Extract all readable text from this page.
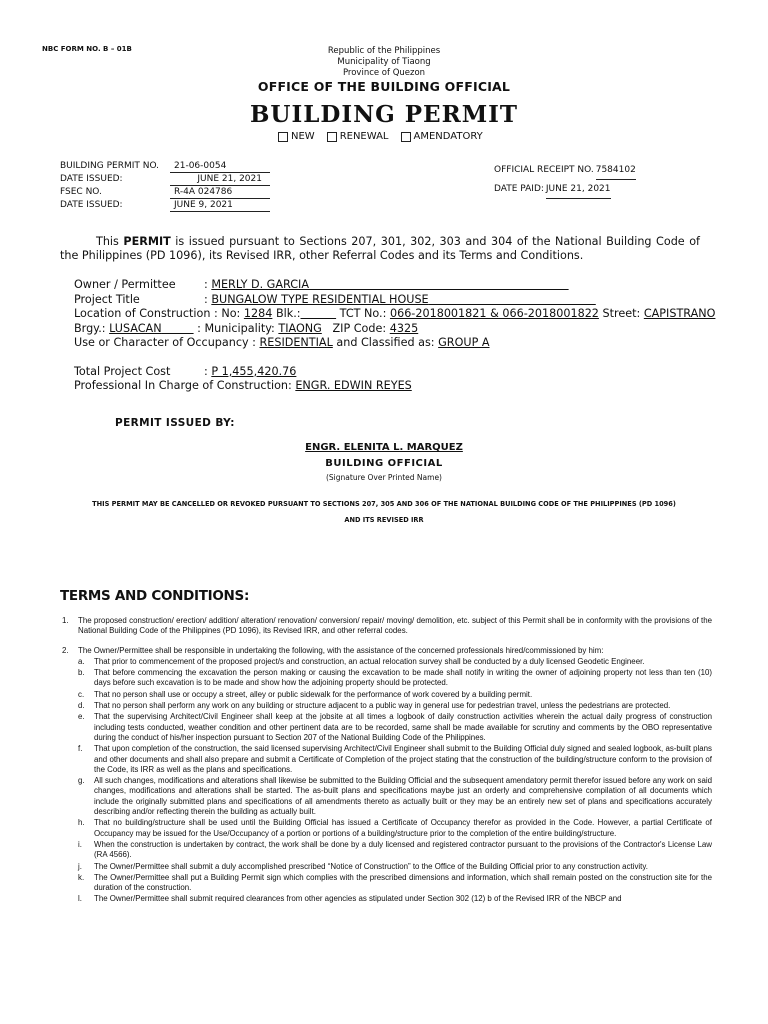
NBC FORM NO. B – 01B	Republic of the Philippines
Municipality of Tiaong
Province of Quezon
OFFICE OF THE BUILDING OFFICIAL
BUILDING PERMIT
NEW	RENEWAL	AMENDATORY
BUILDING PERMIT NO.	21-06-0054
DATE ISSUED:	JUNE 21, 2021
FSEC NO.	R-4A 024786
DATE ISSUED:	JUNE 9, 2021
OFFICIAL RECEIPT NO. 7584102
DATE PAID: JUNE 21, 2021
This PERMIT is issued pursuant to Sections 207, 301, 302, 303 and 304 of the National Building Code of the Philippines (PD 1096), its Revised IRR, other Referral Codes and its Terms and Conditions.
Owner / Permittee	: MERLY D. GARCIA

Project Title	: BUNGALOW TYPE RESIDENTIAL HOUSE

Location of Construction
: No:
1284
Blk.:

	TCT No.:
066-2018001821 & 066-2018001822
Street:
CAPISTRANO
Brgy.:
LUSACAN

	: Municipality:
TIAONG
ZIP Code:
4325
Use or Character of Occupancy
: RESIDENTIAL
and Classified as:
GROUP A
Total Project Cost	: P 1,455,420.76
Professional In Charge of Construction:
ENGR. EDWIN REYES
PERMIT ISSUED BY:
ENGR. ELENITA L. MARQUEZ
BUILDING OFFICIAL
(Signature Over Printed Name)
THIS PERMIT MAY BE CANCELLED OR REVOKED PURSUANT TO SECTIONS 207, 305 AND 306 OF THE NATIONAL BUILDING CODE OF THE PHILIPPINES (PD 1096)
AND ITS REVISED IRR
TERMS AND CONDITIONS:
1.	The proposed construction/ erection/ addition/ alteration/ renovation/ conversion/ repair/ moving/ demolition, etc. subject of this Permit shall be in conformity with the provisions of the National Building Code of the Philippines (PD 1096), its Revised IRR, and other referral codes.
2.	The Owner/Permittee shall be responsible in undertaking the following, with the assistance of the concerned professionals hired/commissioned by him:
a.	That prior to commencement of the proposed project/s and construction, an actual relocation survey shall be conducted by a duly licensed Geodetic Engineer.
b.	That before commencing the excavation the person making or causing the excavation to be made shall notify in writing the owner of adjoining property not less than ten (10) days before such excavation is to be made and show how the adjoining property should be protected.
c.	That no person shall use or occupy a street, alley or public sidewalk for the performance of work covered by a building permit.
d.	That no person shall perform any work on any building or structure adjacent to a public way in general use for pedestrian travel, unless the pedestrians are protected.
e.	That the supervising Architect/Civil Engineer shall keep at the jobsite at all times a logbook of daily construction activities wherein the actual daily progress of construction including tests conducted, weather condition and other pertinent data are to be recorded, same shall be made available for scrutiny and comments by the OBO representative during the conduct of his/her inspection pursuant to Section 207 of the National Building Code of the Philippines.
f.	That upon completion of the construction, the said licensed supervising Architect/Civil Engineer shall submit to the Building Official duly signed and sealed logbook, as-built plans and other documents and shall also prepare and submit a Certificate of Completion of the project stating that the construction of the building/structure conform to the provision of the Code, its IRR as well as the plans and specifications.
g.	All such changes, modifications and alterations shall likewise be submitted to the Building Official and the subsequent amendatory permit therefor issued before any work on said changes, modifications and alterations shall be started. The as-built plans and specifications maybe just an orderly and comprehensive compilation of all documents which include the originally submitted plans and specifications of all amendments thereto as actually built or they may be an entirely new set of plans and specifications accurately describing and/or reflecting therein the building as actually built.
h.	That no building/structure shall be used until the Building Official has issued a Certificate of Occupancy therefor as provided in the Code. However, a partial Certificate of Occupancy may be issued for the Use/Occupancy of a portion or portions of a building/structure prior to the completion of the entire building/structure.
i.	When the construction is undertaken by contract, the work shall be done by a duly licensed and registered contractor pursuant to the provisions of the Contractor's License Law (RA 4566).
j.	The Owner/Permittee shall submit a duly accomplished prescribed “Notice of Construction” to the Office of the Building Official prior to any construction activity.
k.	The Owner/Permittee shall put a Building Permit sign which complies with the prescribed dimensions and information, which shall remain posted on the construction site for the duration of the construction.
l.	The Owner/Permittee shall submit required clearances from other agencies as stipulated under Section 302 (12) b of the Revised IRR of the NBCP and
